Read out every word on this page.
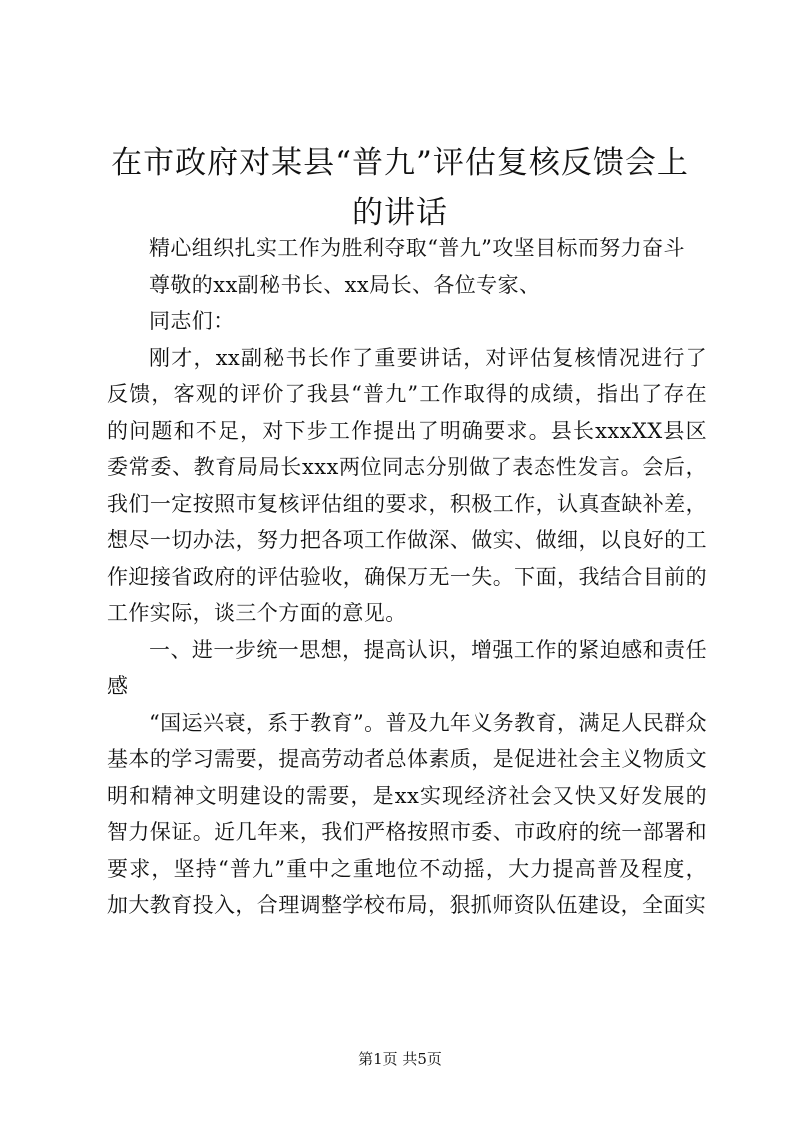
在市政府对某县“普九”评估复核反馈会上的讲话

精心组织扎实工作为胜利夺取“普九”攻坚目标而努力奋斗

尊敬的xx副秘书长、xx局长、各位专家、

同志们：

刚才，xx副秘书长作了重要讲话，对评估复核情况进行了反馈，客观的评价了我县“普九”工作取得的成绩，指出了存在的问题和不足，对下步工作提出了明确要求。县长xxxXX县区委常委、教育局局长xxx两位同志分别做了表态性发言。会后，我们一定按照市复核评估组的要求，积极工作，认真查缺补差，想尽一切办法，努力把各项工作做深、做实、做细，以良好的工作迎接省政府的评估验收，确保万无一失。下面，我结合目前的工作实际，谈三个方面的意见。

一、进一步统一思想，提高认识，增强工作的紧迫感和责任感

“国运兴衰，系于教育”。普及九年义务教育，满足人民群众基本的学习需要，提高劳动者总体素质，是促进社会主义物质文明和精神文明建设的需要，是xx实现经济社会又快又好发展的智力保证。近几年来，我们严格按照市委、市政府的统一部署和要求，坚持“普九”重中之重地位不动摇，大力提高普及程度，加大教育投入，合理调整学校布局，狠抓师资队伍建设，全面实

第1页 共5页
